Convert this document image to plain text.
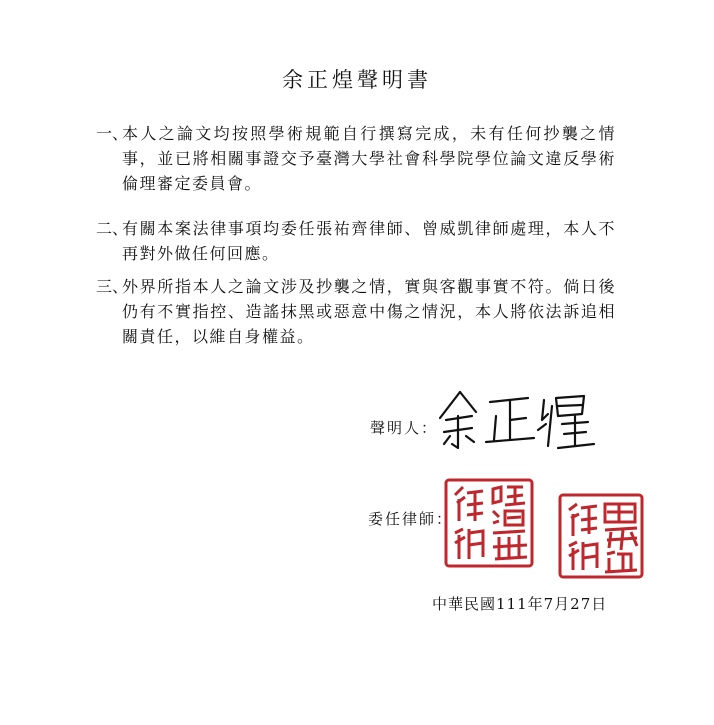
余正煌聲明書
一、
本人之論文均按照學術規範自行撰寫完成，未有任何抄襲之情事，並已將相關事證交予臺灣大學社會科學院學位論文違反學術倫理審定委員會。
二、
有關本案法律事項均委任張祐齊律師、曾威凱律師處理，本人不再對外做任何回應。
三、
外界所指本人之論文涉及抄襲之情，實與客觀事實不符。倘日後仍有不實指控、造謠抹黑或惡意中傷之情況，本人將依法訴追相關責任，以維自身權益。
聲明人：
委任律師：
中華民國111年7月27日
